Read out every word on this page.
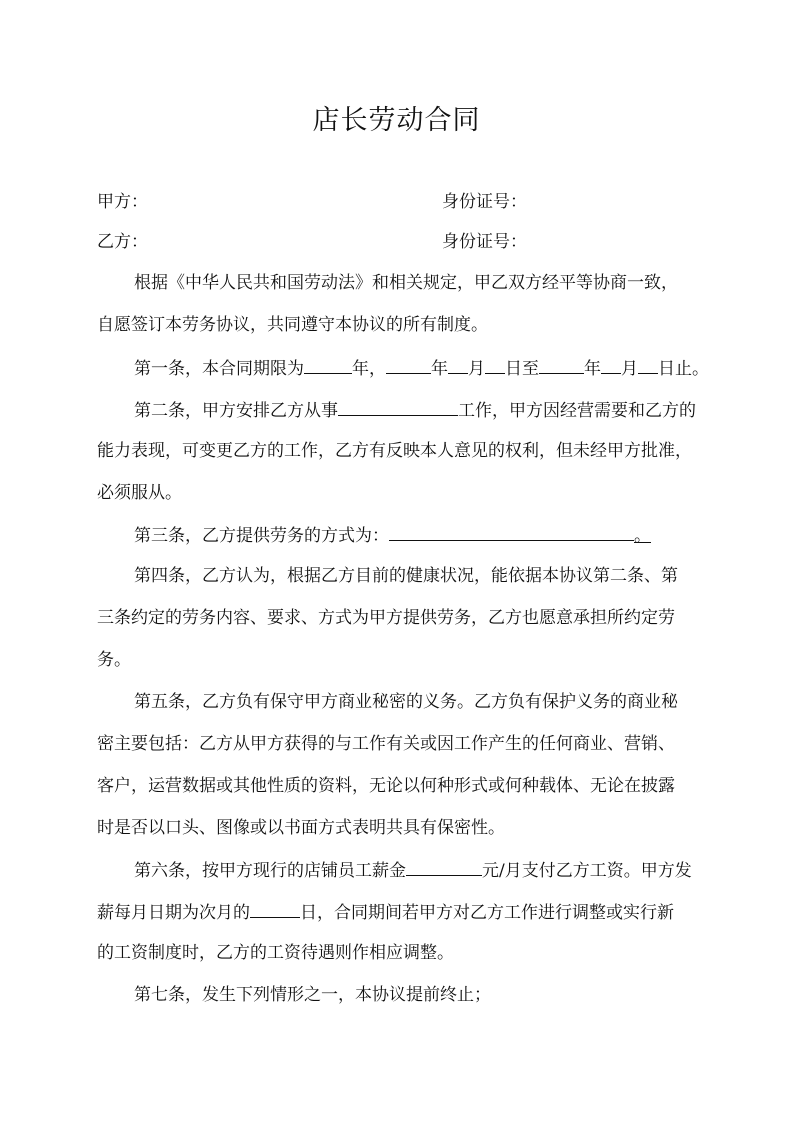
店长劳动合同
甲方：	身份证号：
乙方：	身份证号：
根据《中华人民共和国劳动法》和相关规定，甲乙双方经平等协商一致，
自愿签订本劳务协议，共同遵守本协议的所有制度。
第一条，本合同期限为	年，	年 月 日至	年 月 日止。
第二条，甲方安排乙方从事	工作，甲方因经营需要和乙方的
能力表现，可变更乙方的工作，乙方有反映本人意见的权利，但未经甲方批准，
必须服从。
第三条，乙方提供劳务的方式为：	。
第四条，乙方认为，根据乙方目前的健康状况，能依据本协议第二条、第
三条约定的劳务内容、要求、方式为甲方提供劳务，乙方也愿意承担所约定劳
务。
第五条，乙方负有保守甲方商业秘密的义务。乙方负有保护义务的商业秘
密主要包括：乙方从甲方获得的与工作有关或因工作产生的任何商业、营销、
客户，运营数据或其他性质的资料，无论以何种形式或何种载体、无论在披露
时是否以口头、图像或以书面方式表明共具有保密性。
第六条，按甲方现行的店铺员工薪金	元/月支付乙方工资。甲方发
薪每月日期为次月的	日，合同期间若甲方对乙方工作进行调整或实行新
的工资制度时，乙方的工资待遇则作相应调整。
第七条，发生下列情形之一，本协议提前终止；
